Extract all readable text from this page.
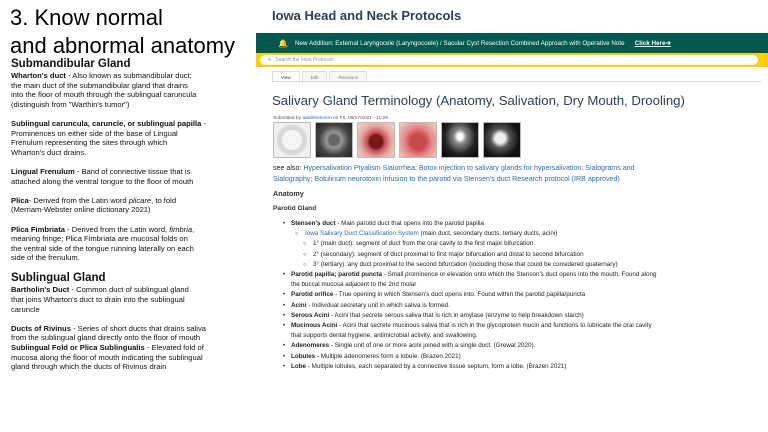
3. Know normal
and abnormal anatomy
Submandibular Gland

Wharton's duct - Also known as submandibular duct;

the main duct of the submandibular gland that drains

into the floor of mouth through the sublingual caruncula

(distinguish from "Warthin's tumor")

Sublingual caruncula, caruncle, or sublingual papilla -

Prominences on either side of the base of Lingual

Frenulum representing the sites through which

Wharton's duct drains.

Lingual Frenulum - Band of connective tissue that is

attached along the ventral tongue to the floor of mouth

Plica- Derived from the Latin word plicare, to fold

(Merriam-Webster online dictionary 2021)

Plica Fimbriata - Derived from the Latin word, fimbria,

meaning fringe; Plica Fimbriata are mucosal folds on

the ventral side of the tongue running laterally on each

side of the frenulum.

Sublingual Gland

Bartholin's Duct - Common duct of sublingual gland

that joins Wharton's duct to drain into the sublingual

caruncle

Ducts of Rivinus - Series of short ducts that drains saliva

from the sublingual gland directly onto the floor of mouth

Sublingual Fold or Plica Sublingualis - Elevated fold of

mucosa along the floor of mouth indicating the sublingual

gland through which the ducts of Rivinus drain

Iowa Head and Neck Protocols
🔔 New Addition: External Laryngocele (Laryngocoele) / Sacular Cyst Resection Combined Approach with Operative Note Click Here➔
⌕ Search the Iowa Protocols
View	Edit	Revisions
Salivary Gland Terminology (Anatomy, Salivation, Dry Mouth, Drooling)
Submitted by aatdelreheem on Fri, 09/17/2021 - 11:29
see also: Hypersalivation Ptyalism Sialorrhea; Botox injection to salivary glands for hypersalivation; Sialograms and
Sialography; Botulinum neurotoxin infusion to the parotid via Stensen's duct Research protocol (IRB approved)
Anatomy
Parotid Gland
• Stensen's duct - Main parotid duct that opens into the parotid papilla
○ Iowa Salivary Duct Classification System (main duct, secondary ducts, tertiary ducts, acini)
○ 1° (main duct): segment of duct from the oral cavity to the first major bifurcation
○ 2° (secondary): segment of duct proximal to first major bifurcation and distal to second bifurcation
○ 3° (tertiary): any duct proximal to the second bifurcation (including those that could be considered quaternary)
• Parotid papilla; parotid puncta - Small prominence or elevation onto which the Stenson's duct opens into the mouth. Found along
the buccal mucosa adjacent to the 2nd molar
• Parotid orifice - True opening in which Stensen's duct opens into. Found within the parotid papilla/puncta
• Acini - Individual secretary unit in which saliva is formed.
• Serous Acini - Acini that secrete serous saliva that is rich in amylase (enzyme to help breakdown starch)
• Mucinous Acini - Acini that secrete mucinous saliva that is rich in the glycoprotein mucin and functions to lubricate the oral cavity
that supports dental hygiene, antimicrobial activity, and swallowing.
• Adenomeres - Single unit of one or more acini joined with a single duct. (Grewal 2020).
• Lobules - Multiple adenomeres form a lobule. (Brazen 2021)
• Lobe - Multiple lobules, each separated by a connective tissue septum, form a lobe. (Brazen 2021)
